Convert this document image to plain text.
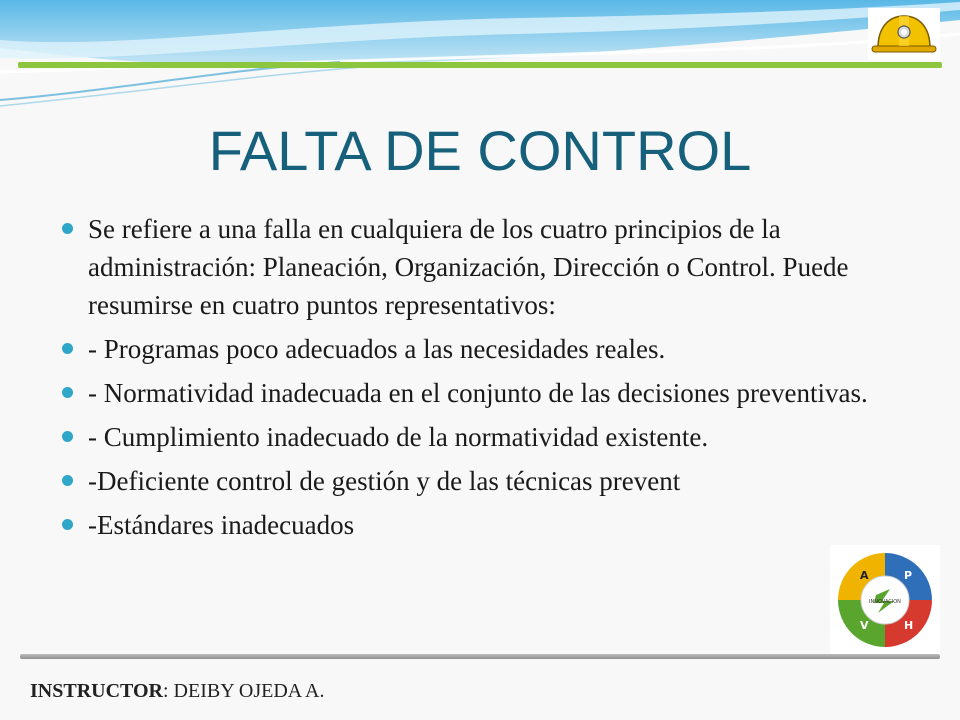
FALTA DE CONTROL
Se refiere a una falla en cualquiera de los cuatro principios de la administración: Planeación, Organización, Dirección o Control. Puede resumirse en cuatro puntos representativos:
- Programas poco adecuados a las necesidades reales.
- Normatividad inadecuada en el conjunto de las decisiones preventivas.
- Cumplimiento inadecuado de la normatividad existente.
-Deficiente control de gestión y de las técnicas prevent
-Estándares inadecuados
A	P
V	H
INNOVACION
INSTRUCTOR: DEIBY OJEDA A.
